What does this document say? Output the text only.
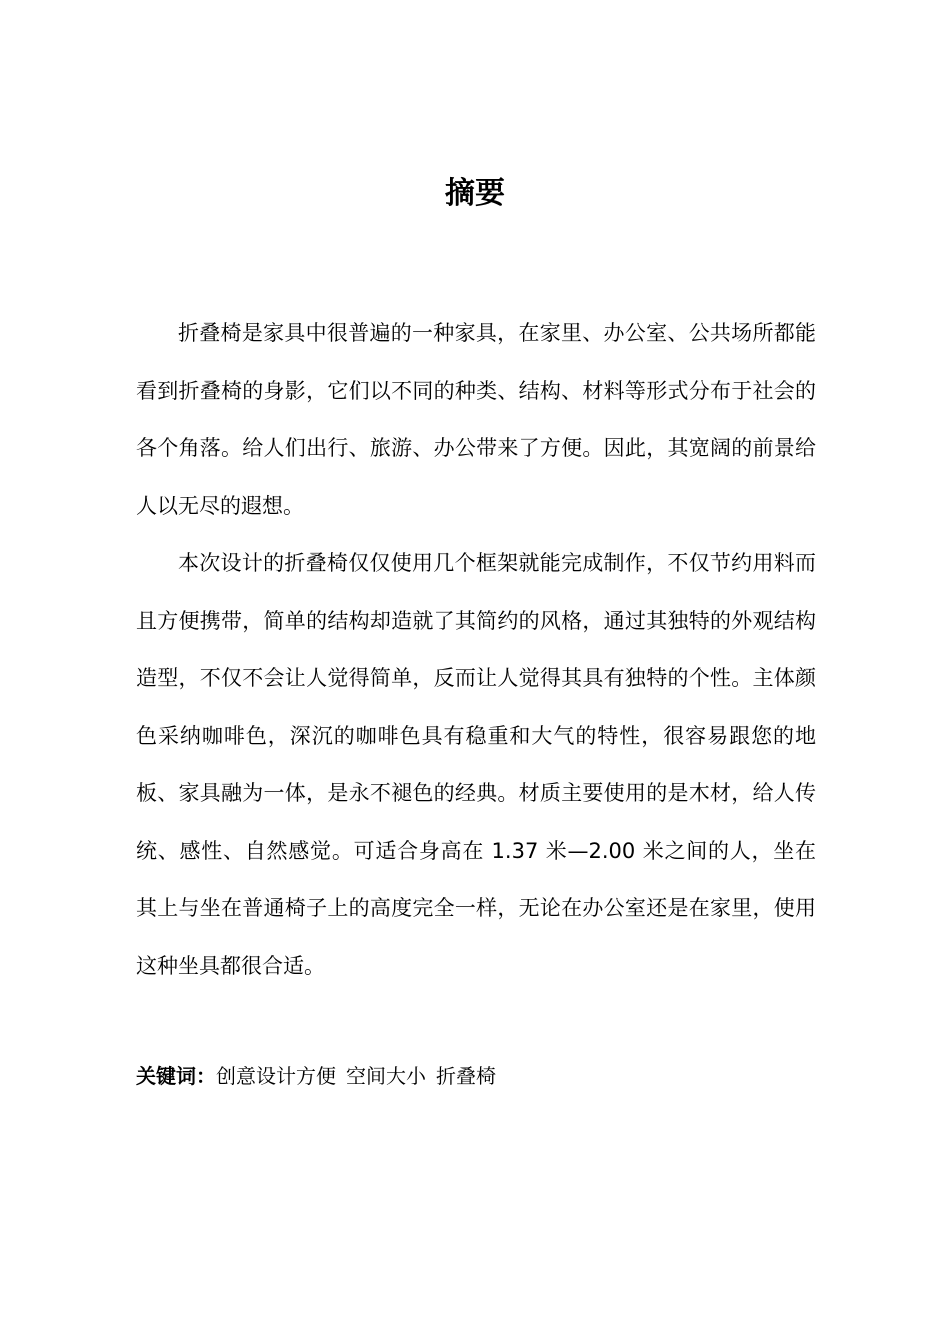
摘要

折叠椅是家具中很普遍的一种家具，在家里、办公室、公共场所都能看到折叠椅的身影，它们以不同的种类、结构、材料等形式分布于社会的各个角落。给人们出行、旅游、办公带来了方便。因此，其宽阔的前景给人以无尽的遐想。

本次设计的折叠椅仅仅使用几个框架就能完成制作，不仅节约用料而且方便携带，简单的结构却造就了其简约的风格，通过其独特的外观结构造型，不仅不会让人觉得简单，反而让人觉得其具有独特的个性。主体颜色采纳咖啡色，深沉的咖啡色具有稳重和大气的特性，很容易跟您的地板、家具融为一体，是永不褪色的经典。材质主要使用的是木材，给人传统、感性、自然感觉。可适合身高在 1.37 米—2.00 米之间的人，坐在其上与坐在普通椅子上的高度完全一样，无论在办公室还是在家里，使用这种坐具都很合适。

关键词：创意设计方便 空间大小 折叠椅
